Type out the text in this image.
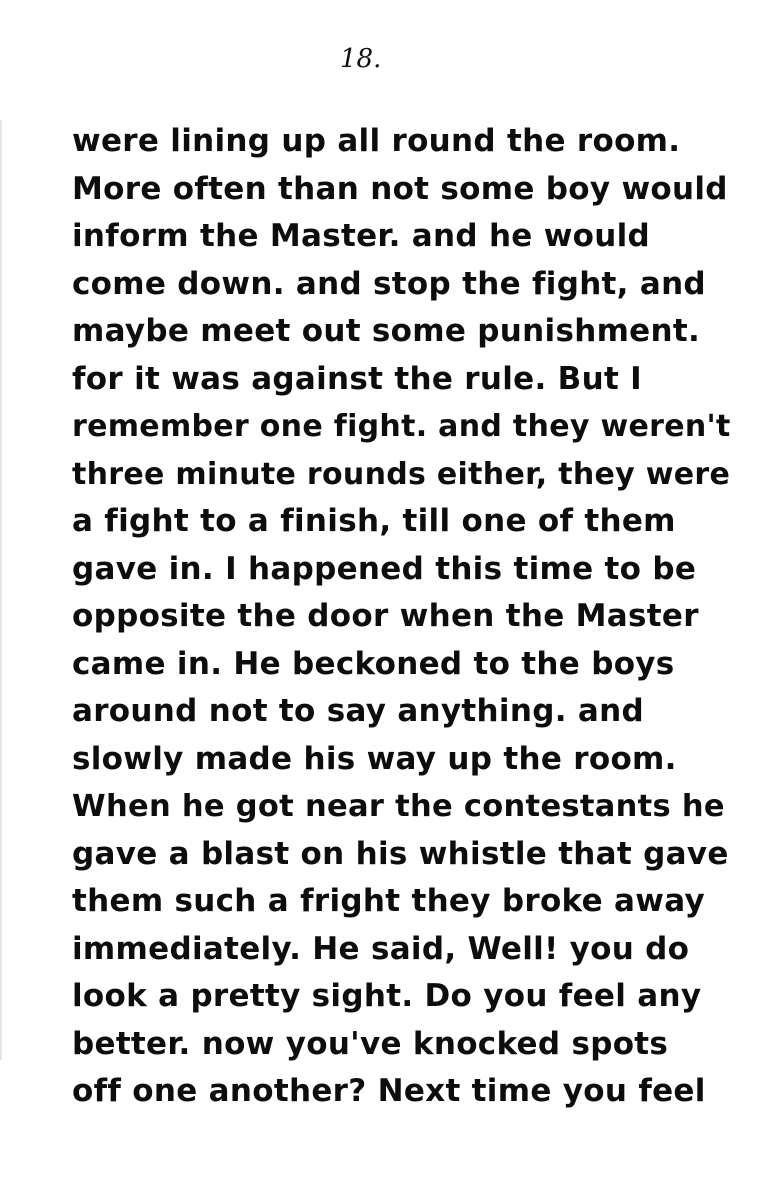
18.
were lining up all round the room.
More often than not some boy would
inform the Master. and he would
come down. and stop the fight, and
maybe meet out some punishment.
for it was against the rule. But I
remember one fight. and they weren't
three minute rounds either, they were
a fight to a finish, till one of them
gave in. I happened this time to be
opposite the door when the Master
came in. He beckoned to the boys
around not to say anything. and
slowly made his way up the room.
When he got near the contestants he
gave a blast on his whistle that gave
them such a fright they broke away
immediately. He said, Well! you do
look a pretty sight. Do you feel any
better. now you've knocked spots
off one another? Next time you feel
